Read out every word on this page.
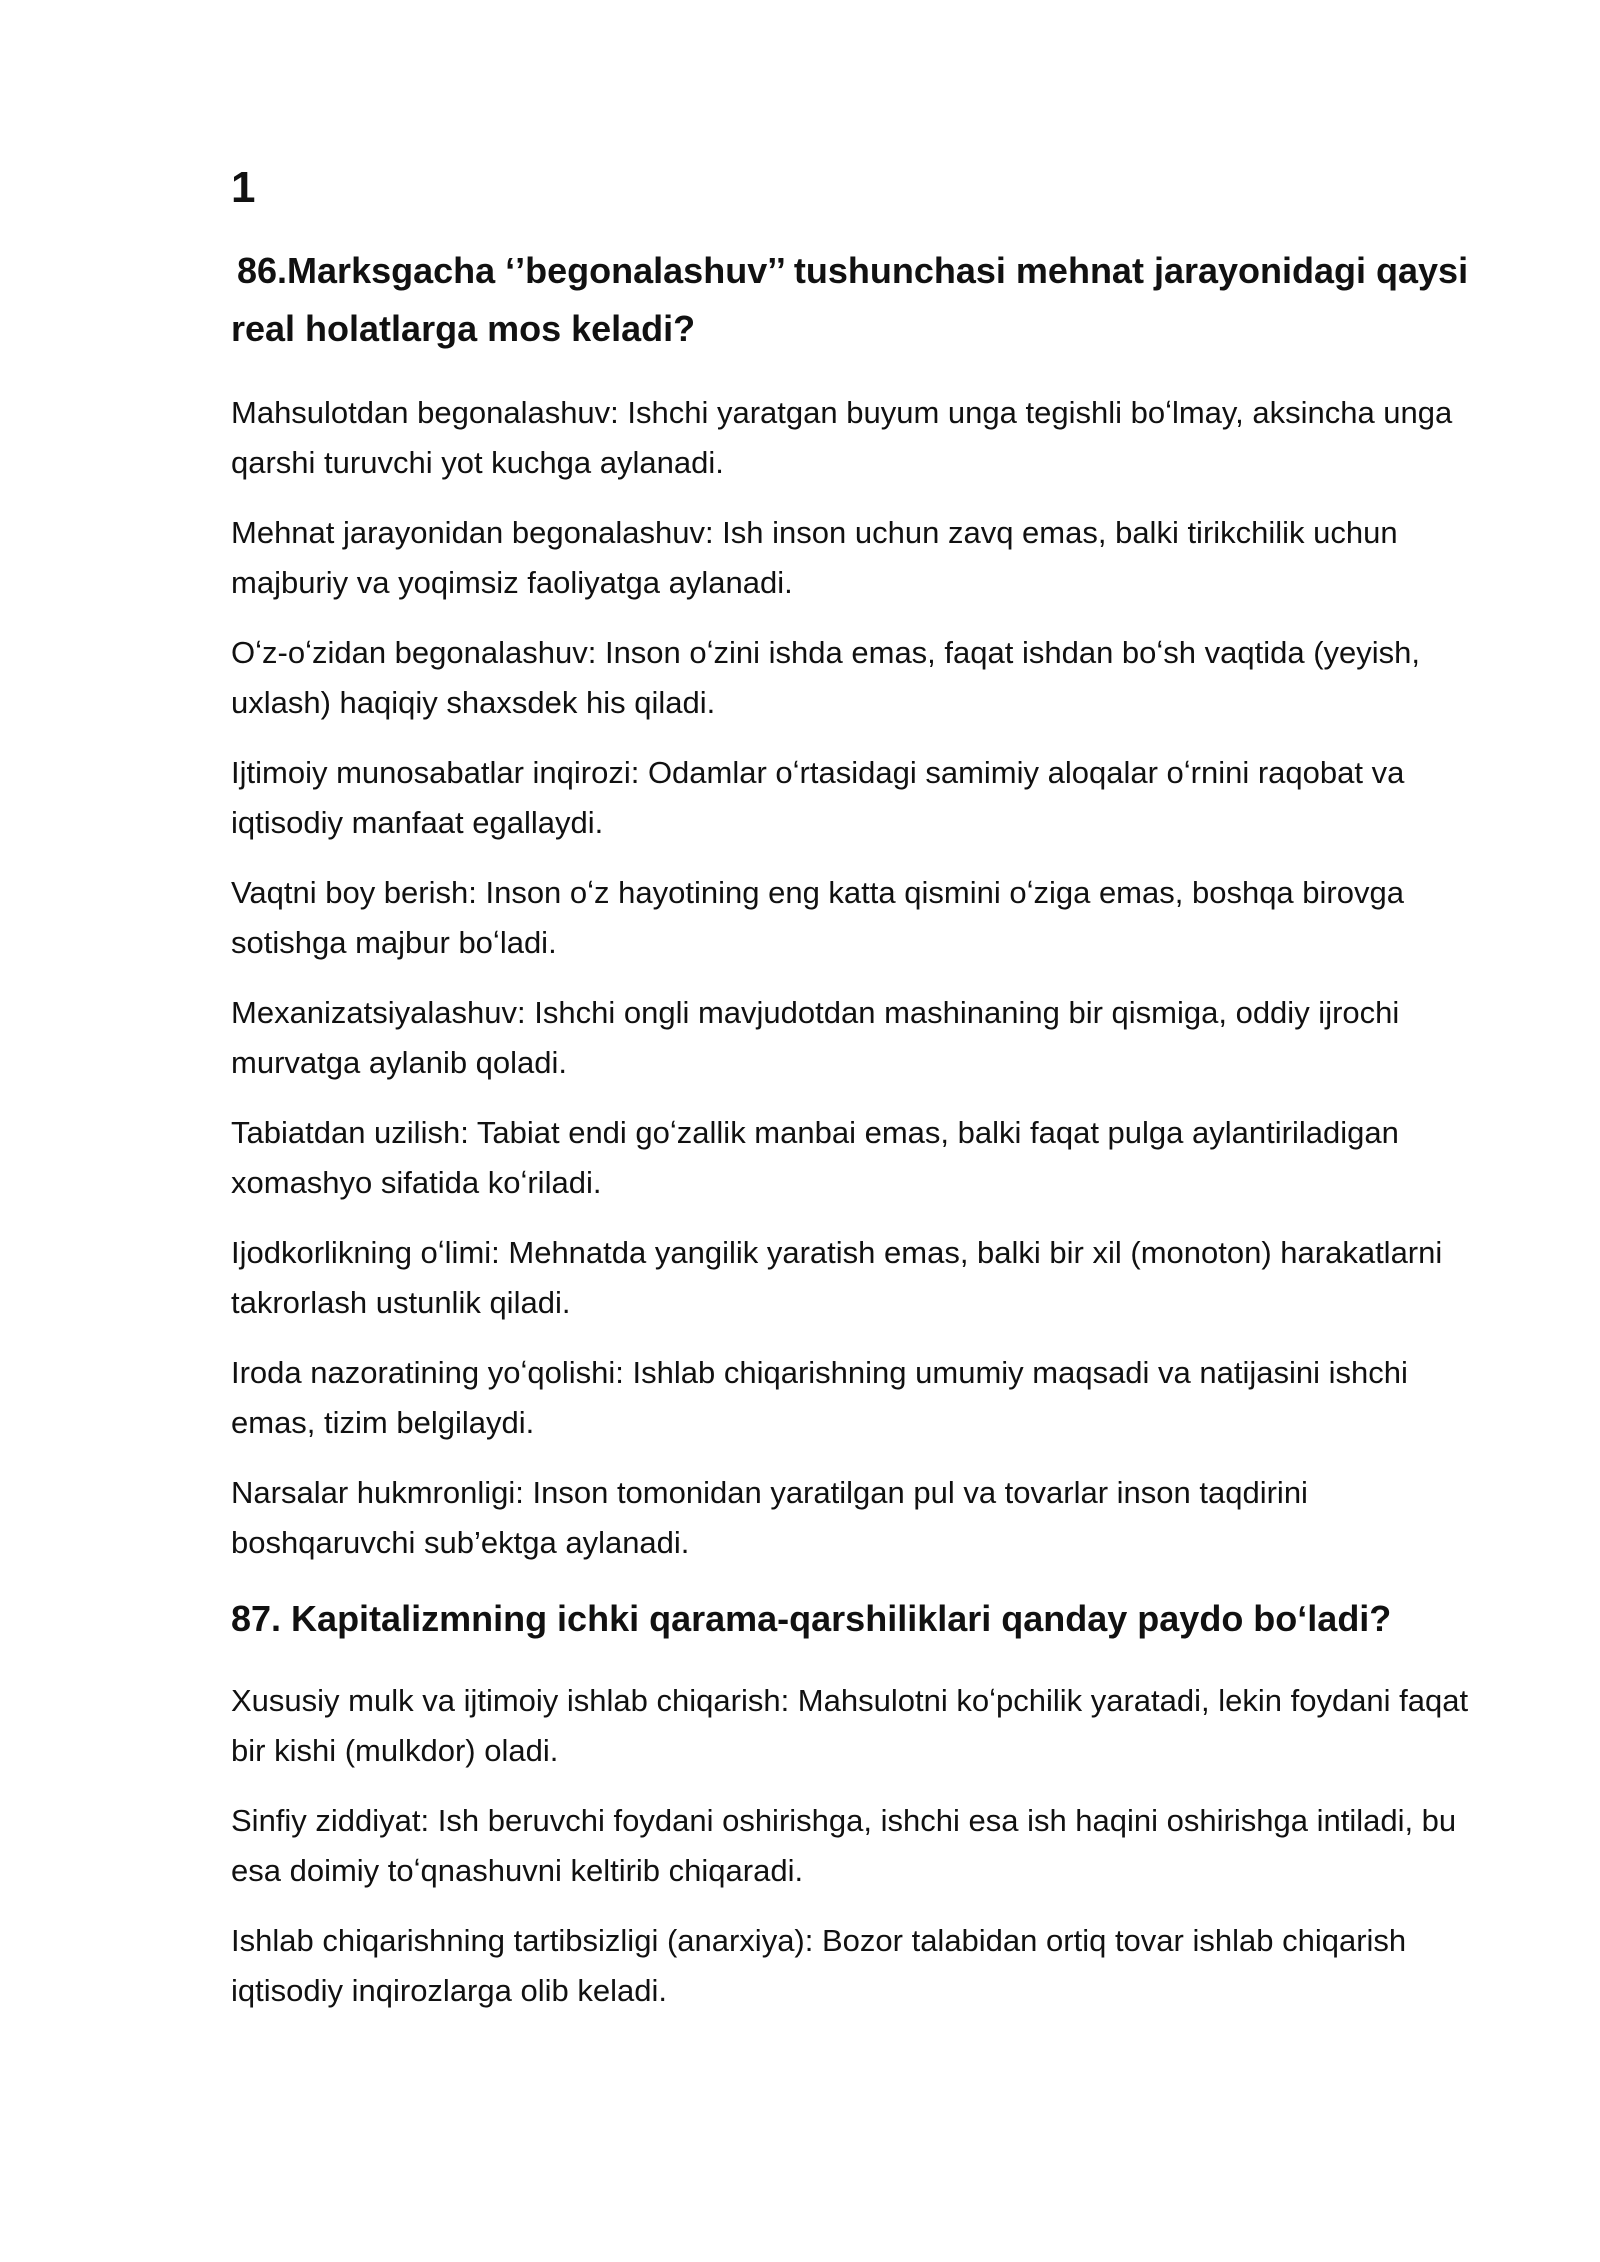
1
86.Marksgacha ‘’begonalashuv’’ tushunchasi mehnat jarayonidagi qaysi real holatlarga mos keladi?

Mahsulotdan begonalashuv: Ishchi yaratgan buyum unga tegishli boʻlmay, aksincha unga qarshi turuvchi yot kuchga aylanadi.

Mehnat jarayonidan begonalashuv: Ish inson uchun zavq emas, balki tirikchilik uchun majburiy va yoqimsiz faoliyatga aylanadi.

Oʻz-oʻzidan begonalashuv: Inson oʻzini ishda emas, faqat ishdan boʻsh vaqtida (yeyish, uxlash) haqiqiy shaxsdek his qiladi.

Ijtimoiy munosabatlar inqirozi: Odamlar oʻrtasidagi samimiy aloqalar oʻrnini raqobat va iqtisodiy manfaat egallaydi.

Vaqtni boy berish: Inson oʻz hayotining eng katta qismini oʻziga emas, boshqa birovga sotishga majbur boʻladi.

Mexanizatsiyalashuv: Ishchi ongli mavjudotdan mashinaning bir qismiga, oddiy ijrochi murvatga aylanib qoladi.

Tabiatdan uzilish: Tabiat endi goʻzallik manbai emas, balki faqat pulga aylantiriladigan xomashyo sifatida koʻriladi.

Ijodkorlikning oʻlimi: Mehnatda yangilik yaratish emas, balki bir xil (monoton) harakatlarni takrorlash ustunlik qiladi.

Iroda nazoratining yoʻqolishi: Ishlab chiqarishning umumiy maqsadi va natijasini ishchi emas, tizim belgilaydi.

Narsalar hukmronligi: Inson tomonidan yaratilgan pul va tovarlar inson taqdirini boshqaruvchi sub’ektga aylanadi.

87. Kapitalizmning ichki qarama-qarshiliklari qanday paydo boʻladi?

Xususiy mulk va ijtimoiy ishlab chiqarish: Mahsulotni koʻpchilik yaratadi, lekin foydani faqat bir kishi (mulkdor) oladi.

Sinfiy ziddiyat: Ish beruvchi foydani oshirishga, ishchi esa ish haqini oshirishga intiladi, bu esa doimiy toʻqnashuvni keltirib chiqaradi.

Ishlab chiqarishning tartibsizligi (anarxiya): Bozor talabidan ortiq tovar ishlab chiqarish iqtisodiy inqirozlarga olib keladi.
